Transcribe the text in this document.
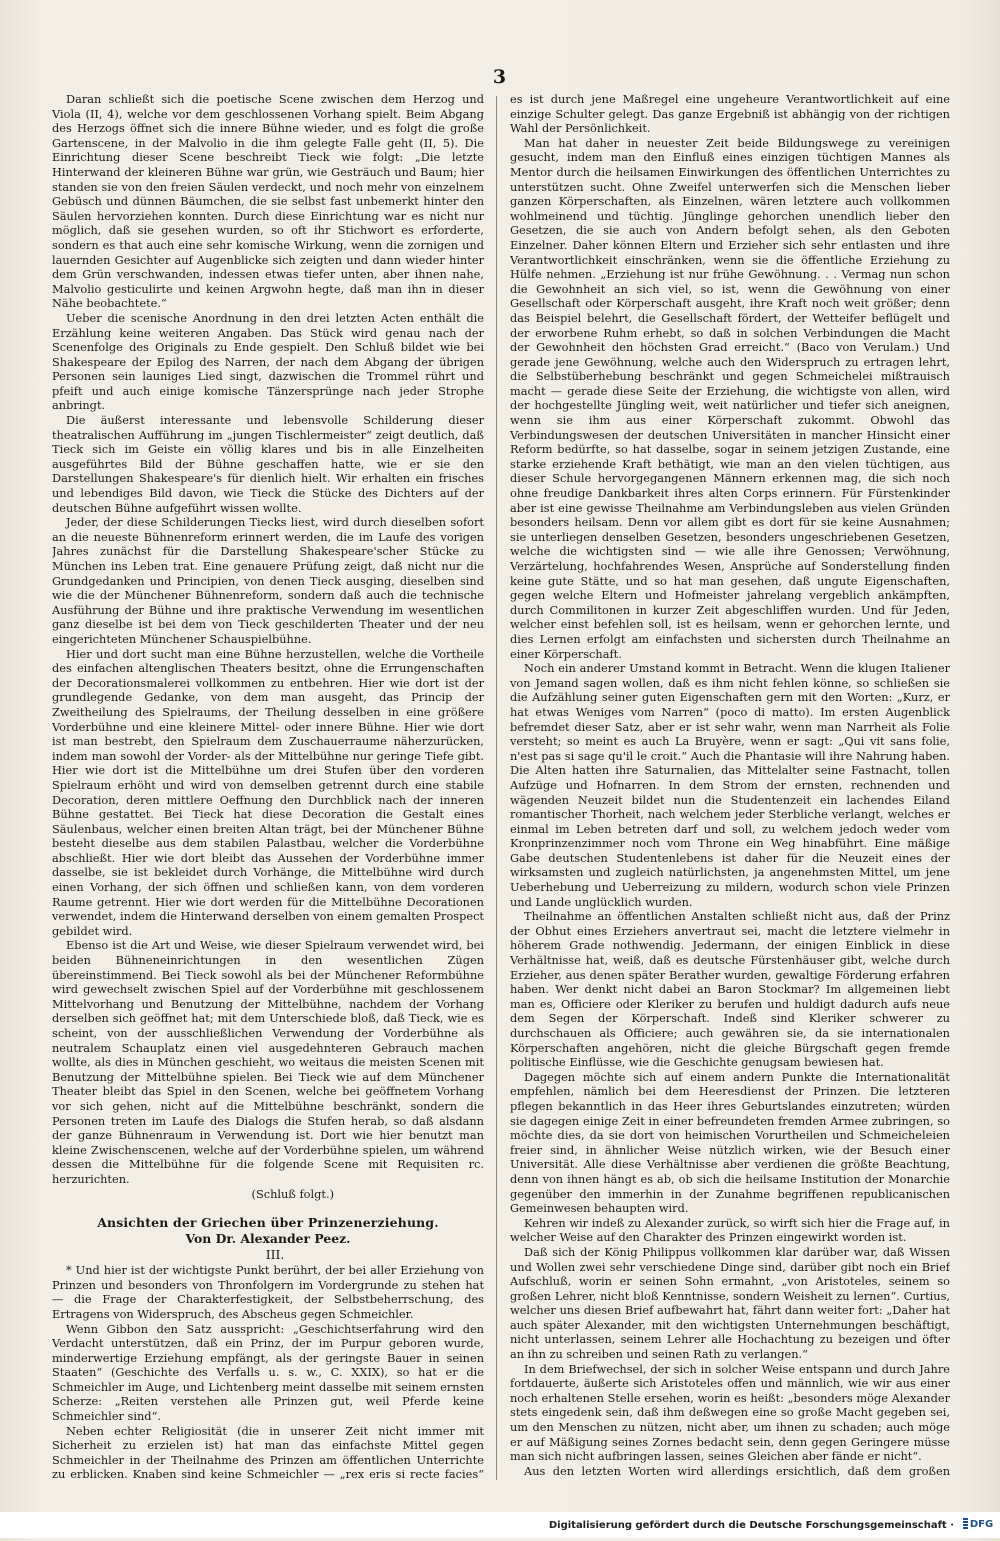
3

Daran schließt sich die poetische Scene zwischen dem Herzog und Viola (II, 4), welche vor dem geschlossenen Vorhang spielt. Beim Abgang des Herzogs öffnet sich die innere Bühne wieder, und es folgt die große Gartenscene, in der Malvolio in die ihm gelegte Falle geht (II, 5). Die Einrichtung dieser Scene beschreibt Tieck wie folgt: „Die letzte Hinterwand der kleineren Bühne war grün, wie Gesträuch und Baum; hier standen sie von den freien Säulen verdeckt, und noch mehr von einzelnem Gebüsch und dünnen Bäumchen, die sie selbst fast unbemerkt hinter den Säulen hervorziehen konnten. Durch diese Einrichtung war es nicht nur möglich, daß sie gesehen wurden, so oft ihr Stichwort es erforderte, sondern es that auch eine sehr komische Wirkung, wenn die zornigen und lauernden Gesichter auf Augenblicke sich zeigten und dann wieder hinter dem Grün verschwanden, indessen etwas tiefer unten, aber ihnen nahe, Malvolio gesticulirte und keinen Argwohn hegte, daß man ihn in dieser Nähe beobachtete.“

Ueber die scenische Anordnung in den drei letzten Acten enthält die Erzählung keine weiteren Angaben. Das Stück wird genau nach der Scenenfolge des Originals zu Ende gespielt. Den Schluß bildet wie bei Shakespeare der Epilog des Narren, der nach dem Abgang der übrigen Personen sein launiges Lied singt, dazwischen die Trommel rührt und pfeift und auch einige komische Tänzersprünge nach jeder Strophe anbringt.

Die äußerst interessante und lebensvolle Schilderung dieser theatralischen Aufführung im „jungen Tischlermeister“ zeigt deutlich, daß Tieck sich im Geiste ein völlig klares und bis in alle Einzelheiten ausgeführtes Bild der Bühne geschaffen hatte, wie er sie den Darstellungen Shakespeare's für dienlich hielt. Wir erhalten ein frisches und lebendiges Bild davon, wie Tieck die Stücke des Dichters auf der deutschen Bühne aufgeführt wissen wollte.

Jeder, der diese Schilderungen Tiecks liest, wird durch dieselben sofort an die neueste Bühnenreform erinnert werden, die im Laufe des vorigen Jahres zunächst für die Darstellung Shakespeare'scher Stücke zu München ins Leben trat. Eine genauere Prüfung zeigt, daß nicht nur die Grundgedanken und Principien, von denen Tieck ausging, dieselben sind wie die der Münchener Bühnenreform, sondern daß auch die technische Ausführung der Bühne und ihre praktische Verwendung im wesentlichen ganz dieselbe ist bei dem von Tieck geschilderten Theater und der neu eingerichteten Münchener Schauspielbühne.

Hier und dort sucht man eine Bühne herzustellen, welche die Vortheile des einfachen altenglischen Theaters besitzt, ohne die Errungenschaften der Decorationsmalerei vollkommen zu entbehren. Hier wie dort ist der grundlegende Gedanke, von dem man ausgeht, das Princip der Zweitheilung des Spielraums, der Theilung desselben in eine größere Vorderbühne und eine kleinere Mittel- oder innere Bühne. Hier wie dort ist man bestrebt, den Spielraum dem Zuschauerraume näherzurücken, indem man sowohl der Vorder- als der Mittelbühne nur geringe Tiefe gibt. Hier wie dort ist die Mittelbühne um drei Stufen über den vorderen Spielraum erhöht und wird von demselben getrennt durch eine stabile Decoration, deren mittlere Oeffnung den Durchblick nach der inneren Bühne gestattet. Bei Tieck hat diese Decoration die Gestalt eines Säulenbaus, welcher einen breiten Altan trägt, bei der Münchener Bühne besteht dieselbe aus dem stabilen Palastbau, welcher die Vorderbühne abschließt. Hier wie dort bleibt das Aussehen der Vorderbühne immer dasselbe, sie ist bekleidet durch Vorhänge, die Mittelbühne wird durch einen Vorhang, der sich öffnen und schließen kann, von dem vorderen Raume getrennt. Hier wie dort werden für die Mittelbühne Decorationen verwendet, indem die Hinterwand derselben von einem gemalten Prospect gebildet wird.

Ebenso ist die Art und Weise, wie dieser Spielraum verwendet wird, bei beiden Bühneneinrichtungen in den wesentlichen Zügen übereinstimmend. Bei Tieck sowohl als bei der Münchener Reformbühne wird gewechselt zwischen Spiel auf der Vorderbühne mit geschlossenem Mittelvorhang und Benutzung der Mittelbühne, nachdem der Vorhang derselben sich geöffnet hat; mit dem Unterschiede bloß, daß Tieck, wie es scheint, von der ausschließlichen Verwendung der Vorderbühne als neutralem Schauplatz einen viel ausgedehnteren Gebrauch machen wollte, als dies in München geschieht, wo weitaus die meisten Scenen mit Benutzung der Mittelbühne spielen. Bei Tieck wie auf dem Münchener Theater bleibt das Spiel in den Scenen, welche bei geöffnetem Vorhang vor sich gehen, nicht auf die Mittelbühne beschränkt, sondern die Personen treten im Laufe des Dialogs die Stufen herab, so daß alsdann der ganze Bühnenraum in Verwendung ist. Dort wie hier benutzt man kleine Zwischenscenen, welche auf der Vorderbühne spielen, um während dessen die Mittelbühne für die folgende Scene mit Requisiten rc. herzurichten.

(Schluß folgt.)

Ansichten der Griechen über Prinzenerziehung.
Von Dr. Alexander Peez.

III.

* Und hier ist der wichtigste Punkt berührt, der bei aller Erziehung von Prinzen und besonders von Thronfolgern im Vordergrunde zu stehen hat — die Frage der Charakterfestigkeit, der Selbstbeherrschung, des Ertragens von Widerspruch, des Abscheus gegen Schmeichler.

Wenn Gibbon den Satz ausspricht: „Geschichtserfahrung wird den Verdacht unterstützen, daß ein Prinz, der im Purpur geboren wurde, minderwertige Erziehung empfängt, als der geringste Bauer in seinen Staaten“ (Geschichte des Verfalls u. s. w., C. XXIX), so hat er die Schmeichler im Auge, und Lichtenberg meint dasselbe mit seinem ernsten Scherze: „Reiten verstehen alle Prinzen gut, weil Pferde keine Schmeichler sind“.

Neben echter Religiosität (die in unserer Zeit nicht immer mit Sicherheit zu erzielen ist) hat man das einfachste Mittel gegen Schmeichler in der Theilnahme des Prinzen am öffentlichen Unterrichte zu erblicken. Knaben sind keine Schmeichler — „rex eris si recte facies“

es ist durch jene Maßregel eine ungeheure Verantwortlichkeit auf eine einzige Schulter gelegt. Das ganze Ergebniß ist abhängig von der richtigen Wahl der Persönlichkeit.

Man hat daher in neuester Zeit beide Bildungswege zu vereinigen gesucht, indem man den Einfluß eines einzigen tüchtigen Mannes als Mentor durch die heilsamen Einwirkungen des öffentlichen Unterrichtes zu unterstützen sucht. Ohne Zweifel unterwerfen sich die Menschen lieber ganzen Körperschaften, als Einzelnen, wären letztere auch vollkommen wohlmeinend und tüchtig. Jünglinge gehorchen unendlich lieber den Gesetzen, die sie auch von Andern befolgt sehen, als den Geboten Einzelner. Daher können Eltern und Erzieher sich sehr entlasten und ihre Verantwortlichkeit einschränken, wenn sie die öffentliche Erziehung zu Hülfe nehmen. „Erziehung ist nur frühe Gewöhnung. . . Vermag nun schon die Gewohnheit an sich viel, so ist, wenn die Gewöhnung von einer Gesellschaft oder Körperschaft ausgeht, ihre Kraft noch weit größer; denn das Beispiel belehrt, die Gesellschaft fördert, der Wetteifer beflügelt und der erworbene Ruhm erhebt, so daß in solchen Verbindungen die Macht der Gewohnheit den höchsten Grad erreicht.“ (Baco von Verulam.) Und gerade jene Gewöhnung, welche auch den Widerspruch zu ertragen lehrt, die Selbstüberhebung beschränkt und gegen Schmeichelei mißtrauisch macht — gerade diese Seite der Erziehung, die wichtigste von allen, wird der hochgestellte Jüngling weit, weit natürlicher und tiefer sich aneignen, wenn sie ihm aus einer Körperschaft zukommt. Obwohl das Verbindungswesen der deutschen Universitäten in mancher Hinsicht einer Reform bedürfte, so hat dasselbe, sogar in seinem jetzigen Zustande, eine starke erziehende Kraft bethätigt, wie man an den vielen tüchtigen, aus dieser Schule hervorgegangenen Männern erkennen mag, die sich noch ohne freudige Dankbarkeit ihres alten Corps erinnern. Für Fürstenkinder aber ist eine gewisse Theilnahme am Verbindungsleben aus vielen Gründen besonders heilsam. Denn vor allem gibt es dort für sie keine Ausnahmen; sie unterliegen denselben Gesetzen, besonders ungeschriebenen Gesetzen, welche die wichtigsten sind — wie alle ihre Genossen; Verwöhnung, Verzärtelung, hochfahrendes Wesen, Ansprüche auf Sonderstellung finden keine gute Stätte, und so hat man gesehen, daß ungute Eigenschaften, gegen welche Eltern und Hofmeister jahrelang vergeblich ankämpften, durch Commilitonen in kurzer Zeit abgeschliffen wurden. Und für Jeden, welcher einst befehlen soll, ist es heilsam, wenn er gehorchen lernte, und dies Lernen erfolgt am einfachsten und sichersten durch Theilnahme an einer Körperschaft.

Noch ein anderer Umstand kommt in Betracht. Wenn die klugen Italiener von Jemand sagen wollen, daß es ihm nicht fehlen könne, so schließen sie die Aufzählung seiner guten Eigenschaften gern mit den Worten: „Kurz, er hat etwas Weniges vom Narren“ (poco di matto). Im ersten Augenblick befremdet dieser Satz, aber er ist sehr wahr, wenn man Narrheit als Folie versteht; so meint es auch La Bruyère, wenn er sagt: „Qui vit sans folie, n'est pas si sage qu'il le croit.“ Auch die Phantasie will ihre Nahrung haben. Die Alten hatten ihre Saturnalien, das Mittelalter seine Fastnacht, tollen Aufzüge und Hofnarren. In dem Strom der ernsten, rechnenden und wägenden Neuzeit bildet nun die Studentenzeit ein lachendes Eiland romantischer Thorheit, nach welchem jeder Sterbliche verlangt, welches er einmal im Leben betreten darf und soll, zu welchem jedoch weder vom Kronprinzenzimmer noch vom Throne ein Weg hinabführt. Eine mäßige Gabe deutschen Studentenlebens ist daher für die Neuzeit eines der wirksamsten und zugleich natürlichsten, ja angenehmsten Mittel, um jene Ueberhebung und Ueberreizung zu mildern, wodurch schon viele Prinzen und Lande unglücklich wurden.

Theilnahme an öffentlichen Anstalten schließt nicht aus, daß der Prinz der Obhut eines Erziehers anvertraut sei, macht die letztere vielmehr in höherem Grade nothwendig. Jedermann, der einigen Einblick in diese Verhältnisse hat, weiß, daß es deutsche Fürstenhäuser gibt, welche durch Erzieher, aus denen später Berather wurden, gewaltige Förderung erfahren haben. Wer denkt nicht dabei an Baron Stockmar? Im allgemeinen liebt man es, Officiere oder Kleriker zu berufen und huldigt dadurch aufs neue dem Segen der Körperschaft. Indeß sind Kleriker schwerer zu durchschauen als Officiere; auch gewähren sie, da sie internationalen Körperschaften angehören, nicht die gleiche Bürgschaft gegen fremde politische Einflüsse, wie die Geschichte genugsam bewiesen hat.

Dagegen möchte sich auf einem andern Punkte die Internationalität empfehlen, nämlich bei dem Heeresdienst der Prinzen. Die letzteren pflegen bekanntlich in das Heer ihres Geburtslandes einzutreten; würden sie dagegen einige Zeit in einer befreundeten fremden Armee zubringen, so möchte dies, da sie dort von heimischen Vorurtheilen und Schmeicheleien freier sind, in ähnlicher Weise nützlich wirken, wie der Besuch einer Universität. Alle diese Verhältnisse aber verdienen die größte Beachtung, denn von ihnen hängt es ab, ob sich die heilsame Institution der Monarchie gegenüber den immerhin in der Zunahme begriffenen republicanischen Gemeinwesen behaupten wird.

Kehren wir indeß zu Alexander zurück, so wirft sich hier die Frage auf, in welcher Weise auf den Charakter des Prinzen eingewirkt worden ist.

Daß sich der König Philippus vollkommen klar darüber war, daß Wissen und Wollen zwei sehr verschiedene Dinge sind, darüber gibt noch ein Brief Aufschluß, worin er seinen Sohn ermahnt, „von Aristoteles, seinem so großen Lehrer, nicht bloß Kenntnisse, sondern Weisheit zu lernen“. Curtius, welcher uns diesen Brief aufbewahrt hat, fährt dann weiter fort: „Daher hat auch später Alexander, mit den wichtigsten Unternehmungen beschäftigt, nicht unterlassen, seinem Lehrer alle Hochachtung zu bezeigen und öfter an ihn zu schreiben und seinen Rath zu verlangen.“

In dem Briefwechsel, der sich in solcher Weise entspann und durch Jahre fortdauerte, äußerte sich Aristoteles offen und männlich, wie wir aus einer noch erhaltenen Stelle ersehen, worin es heißt: „besonders möge Alexander stets eingedenk sein, daß ihm deßwegen eine so große Macht gegeben sei, um den Menschen zu nützen, nicht aber, um ihnen zu schaden; auch möge er auf Mäßigung seines Zornes bedacht sein, denn gegen Geringere müsse man sich nicht aufbringen lassen, seines Gleichen aber fände er nicht“.

Aus den letzten Worten wird allerdings ersichtlich, daß dem großen

Digitalisierung gefördert durch die Deutsche Forschungsgemeinschaft · DFG
